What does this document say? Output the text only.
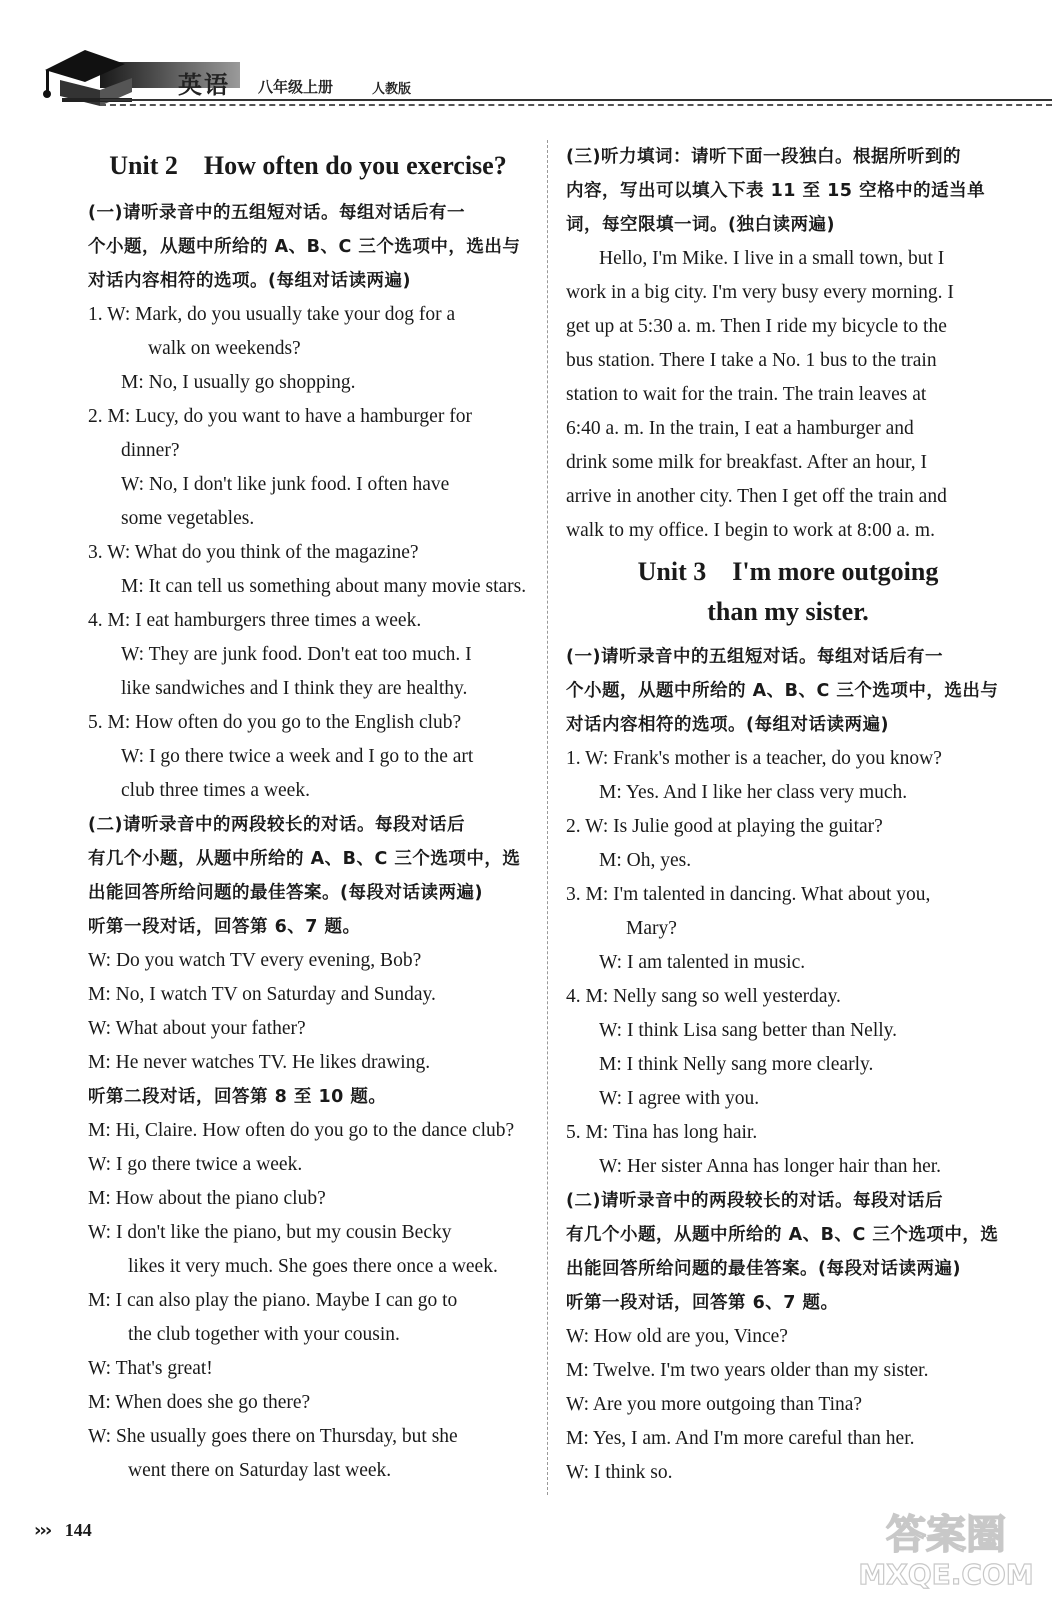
英语 八年级上册	人教版
Unit 2　How often do you exercise?
(一)请听录音中的五组短对话。每组对话后有一
个小题，从题中所给的 A、B、C 三个选项中，选出与
对话内容相符的选项。(每组对话读两遍)
1. W: Mark, do you usually take your dog for a
walk on weekends?
M: No, I usually go shopping.
2. M: Lucy, do you want to have a hamburger for
dinner?
W: No, I don't like junk food. I often have
some vegetables.
3. W: What do you think of the magazine?
M: It can tell us something about many movie stars.
4. M: I eat hamburgers three times a week.
W: They are junk food. Don't eat too much. I
like sandwiches and I think they are healthy.
5. M: How often do you go to the English club?
W: I go there twice a week and I go to the art
club three times a week.
(二)请听录音中的两段较长的对话。每段对话后
有几个小题，从题中所给的 A、B、C 三个选项中，选
出能回答所给问题的最佳答案。(每段对话读两遍)
听第一段对话，回答第 6、7 题。
W: Do you watch TV every evening, Bob?
M: No, I watch TV on Saturday and Sunday.
W: What about your father?
M: He never watches TV. He likes drawing.
听第二段对话，回答第 8 至 10 题。
M: Hi, Claire. How often do you go to the dance club?
W: I go there twice a week.
M: How about the piano club?
W: I don't like the piano, but my cousin Becky
likes it very much. She goes there once a week.
M: I can also play the piano. Maybe I can go to
the club together with your cousin.
W: That's great!
M: When does she go there?
W: She usually goes there on Thursday, but she
went there on Saturday last week.
(三)听力填词：请听下面一段独白。根据所听到的
内容，写出可以填入下表 11 至 15 空格中的适当单
词，每空限填一词。(独白读两遍)
Hello, I'm Mike. I live in a small town, but I
work in a big city. I'm very busy every morning. I
get up at 5:30 a. m. Then I ride my bicycle to the
bus station. There I take a No. 1 bus to the train
station to wait for the train. The train leaves at
6:40 a. m. In the train, I eat a hamburger and
drink some milk for breakfast. After an hour, I
arrive in another city. Then I get off the train and
walk to my office. I begin to work at 8:00 a. m.
Unit 3　I'm more outgoing
than my sister.
(一)请听录音中的五组短对话。每组对话后有一
个小题，从题中所给的 A、B、C 三个选项中，选出与
对话内容相符的选项。(每组对话读两遍)
1. W: Frank's mother is a teacher, do you know?
M: Yes. And I like her class very much.
2. W: Is Julie good at playing the guitar?
M: Oh, yes.
3. M: I'm talented in dancing. What about you,
Mary?
W: I am talented in music.
4. M: Nelly sang so well yesterday.
W: I think Lisa sang better than Nelly.
M: I think Nelly sang more clearly.
W: I agree with you.
5. M: Tina has long hair.
W: Her sister Anna has longer hair than her.
(二)请听录音中的两段较长的对话。每段对话后
有几个小题，从题中所给的 A、B、C 三个选项中，选
出能回答所给问题的最佳答案。(每段对话读两遍)
听第一段对话，回答第 6、7 题。
W: How old are you, Vince?
M: Twelve. I'm two years older than my sister.
W: Are you more outgoing than Tina?
M: Yes, I am. And I'm more careful than her.
W: I think so.
››› 144	答案圈
MXQE.COM
